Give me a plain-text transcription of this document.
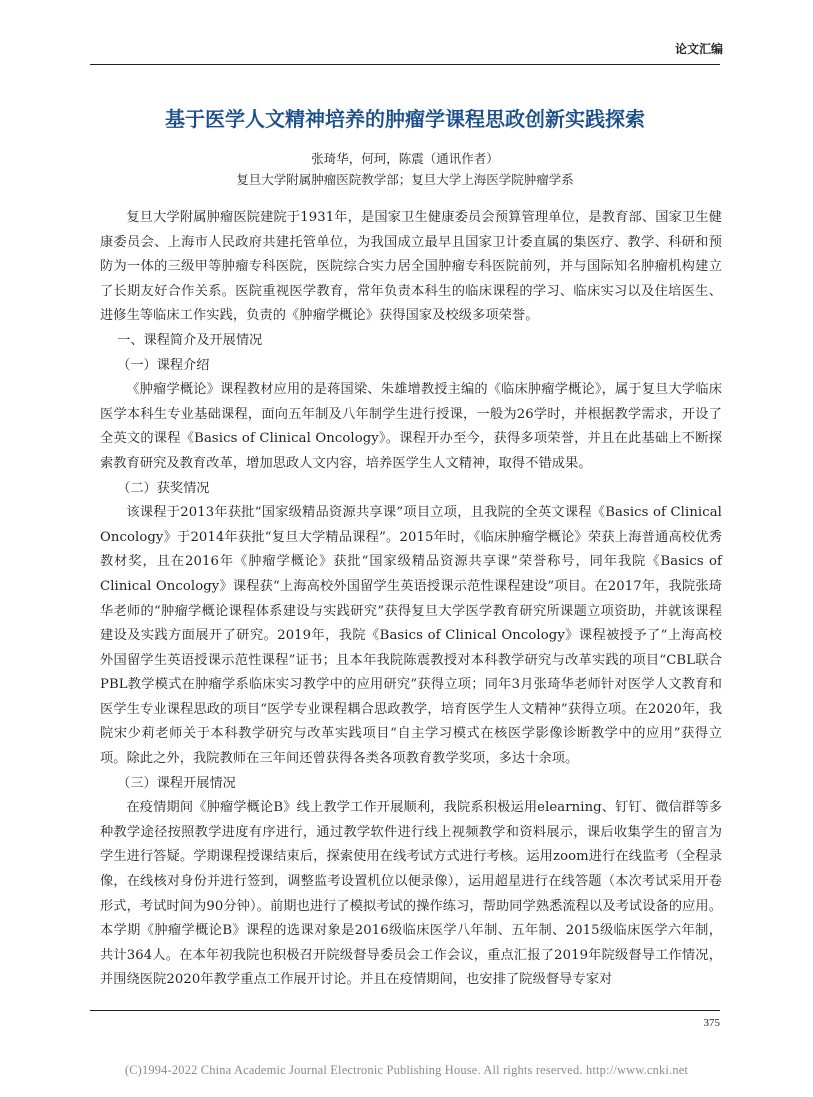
论文汇编
基于医学人文精神培养的肿瘤学课程思政创新实践探索
张琦华，何珂，陈震（通讯作者）
复旦大学附属肿瘤医院教学部；复旦大学上海医学院肿瘤学系

复旦大学附属肿瘤医院建院于1931年，是国家卫生健康委员会预算管理单位，是教育部、国家卫生健康委员会、上海市人民政府共建托管单位，为我国成立最早且国家卫计委直属的集医疗、教学、科研和预防为一体的三级甲等肿瘤专科医院，医院综合实力居全国肿瘤专科医院前列，并与国际知名肿瘤机构建立了长期友好合作关系。医院重视医学教育，常年负责本科生的临床课程的学习、临床实习以及住培医生、进修生等临床工作实践，负责的《肿瘤学概论》获得国家及校级多项荣誉。

一、课程简介及开展情况

（一）课程介绍

《肿瘤学概论》课程教材应用的是蒋国梁、朱雄增教授主编的《临床肿瘤学概论》，属于复旦大学临床医学本科生专业基础课程，面向五年制及八年制学生进行授课，一般为26学时，并根据教学需求，开设了全英文的课程《Basics of Clinical Oncology》。课程开办至今，获得多项荣誉，并且在此基础上不断探索教育研究及教育改革，增加思政人文内容，培养医学生人文精神，取得不错成果。

（二）获奖情况

该课程于2013年获批“国家级精品资源共享课”项目立项，且我院的全英文课程《Basics of Clinical Oncology》于2014年获批“复旦大学精品课程”。2015年时，《临床肿瘤学概论》荣获上海普通高校优秀教材奖，且在2016年《肿瘤学概论》获批“国家级精品资源共享课”荣誉称号，同年我院《Basics of Clinical Oncology》课程获“上海高校外国留学生英语授课示范性课程建设”项目。在2017年，我院张琦华老师的“肿瘤学概论课程体系建设与实践研究”获得复旦大学医学教育研究所课题立项资助，并就该课程建设及实践方面展开了研究。2019年，我院《Basics of Clinical Oncology》课程被授予了“上海高校外国留学生英语授课示范性课程”证书；且本年我院陈震教授对本科教学研究与改革实践的项目“CBL联合PBL教学模式在肿瘤学系临床实习教学中的应用研究”获得立项；同年3月张琦华老师针对医学人文教育和医学生专业课程思政的项目“医学专业课程耦合思政教学，培育医学生人文精神”获得立项。在2020年，我院宋少莉老师关于本科教学研究与改革实践项目“自主学习模式在核医学影像诊断教学中的应用”获得立项。除此之外，我院教师在三年间还曾获得各类各项教育教学奖项，多达十余项。

（三）课程开展情况

在疫情期间《肿瘤学概论B》线上教学工作开展顺利，我院系积极运用elearning、钉钉、微信群等多种教学途径按照教学进度有序进行，通过教学软件进行线上视频教学和资料展示，课后收集学生的留言为学生进行答疑。学期课程授课结束后，探索使用在线考试方式进行考核。运用zoom进行在线监考（全程录像，在线核对身份并进行签到，调整监考设置机位以便录像），运用超星进行在线答题（本次考试采用开卷形式，考试时间为90分钟）。前期也进行了模拟考试的操作练习，帮助同学熟悉流程以及考试设备的应用。本学期《肿瘤学概论B》课程的选课对象是2016级临床医学八年制、五年制、2015级临床医学六年制，共计364人。在本年初我院也积极召开院级督导委员会工作会议，重点汇报了2019年院级督导工作情况，并围绕医院2020年教学重点工作展开讨论。并且在疫情期间，也安排了院级督导专家对

375
(C)1994-2022 China Academic Journal Electronic Publishing House. All rights reserved. http://www.cnki.net
